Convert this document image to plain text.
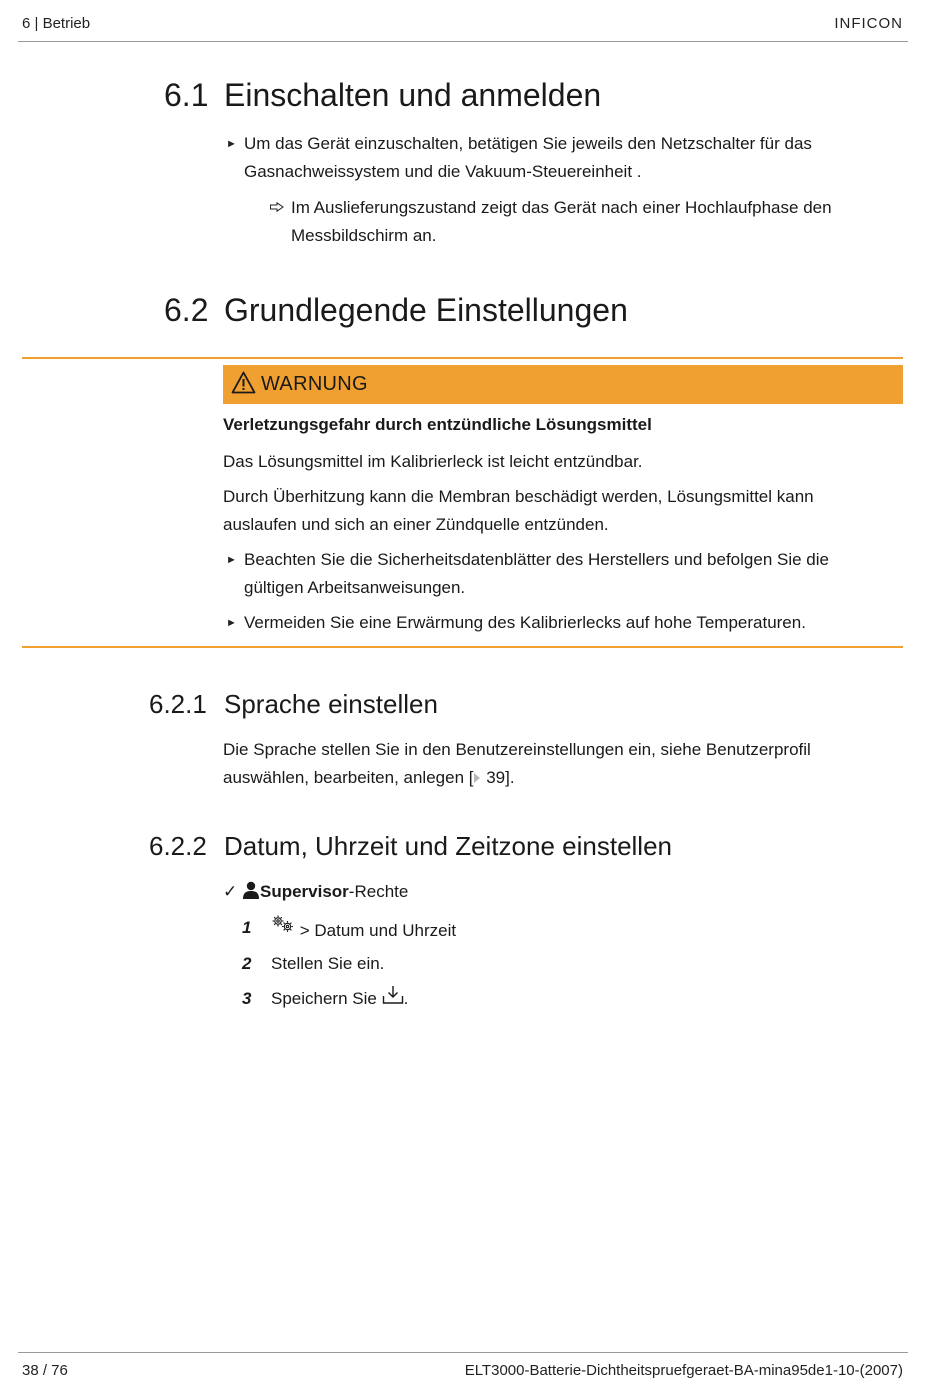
6 | Betrieb	INFICON
6.1 Einschalten und anmelden
► Um das Gerät einzuschalten, betätigen Sie jeweils den Netzschalter für das
Gasnachweissystem und die Vakuum-Steuereinheit .
Im Auslieferungszustand zeigt das Gerät nach einer Hochlaufphase den
Messbildschirm an.
6.2 Grundlegende Einstellungen
WARNUNG
Verletzungsgefahr durch entzündliche Lösungsmittel
Das Lösungsmittel im Kalibrierleck ist leicht entzündbar.
Durch Überhitzung kann die Membran beschädigt werden, Lösungsmittel kann
auslaufen und sich an einer Zündquelle entzünden.
► Beachten Sie die Sicherheitsdatenblätter des Herstellers und befolgen Sie die
gültigen Arbeitsanweisungen.
► Vermeiden Sie eine Erwärmung des Kalibrierlecks auf hohe Temperaturen.
6.2.1 Sprache einstellen
Die Sprache stellen Sie in den Benutzereinstellungen ein, siehe Benutzerprofil
auswählen, bearbeiten, anlegen [ 39].
6.2.2 Datum, Uhrzeit und Zeitzone einstellen
✓ Supervisor-Rechte
1	> Datum und Uhrzeit
2 Stellen Sie ein.
3 Speichern Sie .
38 / 76	ELT3000-Batterie-Dichtheitspruefgeraet-BA-mina95de1-10-(2007)
